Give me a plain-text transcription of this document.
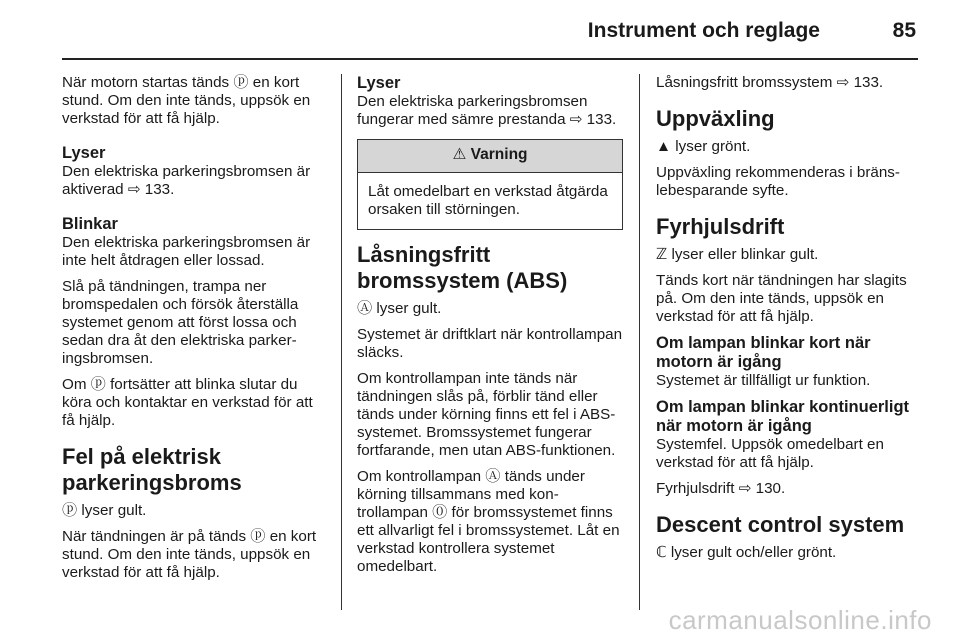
Instrument och reglage	85

När motorn startas tänds ⓟ en kort stund. Om den inte tänds, uppsök en verkstad för att få hjälp.

Lyser

Den elektriska parkeringsbromsen är aktiverad ⇨ 133.

Blinkar

Den elektriska parkeringsbromsen är inte helt åtdragen eller lossad.

Slå på tändningen, trampa ner bromspedalen och försök återställa systemet genom att först lossa och sedan dra åt den elektriska parkeringsbromsen.

Om ⓟ fortsätter att blinka slutar du köra och kontaktar en verkstad för att få hjälp.

Fel på elektrisk
parkeringsbroms

ⓟ lyser gult.

När tändningen är på tänds ⓟ en kort stund. Om den inte tänds, uppsök en verkstad för att få hjälp.

Lyser

Den elektriska parkeringsbromsen fungerar med sämre prestanda ⇨ 133.

⚠ Varning
Låt omedelbart en verkstad åtgärda orsaken till störningen.
Låsningsfritt bromssystem (ABS)

Ⓐ lyser gult.

Systemet är driftklart när kontrollampan släcks.

Om kontrollampan inte tänds när tändningen slås på, förblir tänd eller tänds under körning finns ett fel i ABS-systemet. Bromssystemet fungerar fortfarande, men utan ABS-funktionen.

Om kontrollampan Ⓐ tänds under körning tillsammans med kontrollampan ⓪ för bromssystemet finns ett allvarligt fel i bromssystemet. Låt en verkstad kontrollera systemet omedelbart.

Låsningsfritt bromssystem ⇨ 133.

Uppväxling

▲ lyser grönt.

Uppväxling rekommenderas i bränslebesparande syfte.

Fyrhjulsdrift

ℤ lyser eller blinkar gult.

Tänds kort när tändningen har slagits på. Om den inte tänds, uppsök en verkstad för att få hjälp.

Om lampan blinkar kort när
motorn är igång

Systemet är tillfälligt ur funktion.

Om lampan blinkar kontinuerligt
när motorn är igång

Systemfel. Uppsök omedelbart en verkstad för att få hjälp.

Fyrhjulsdrift ⇨ 130.

Descent control system

ℂ lyser gult och/eller grönt.

carmanualsonline.info
